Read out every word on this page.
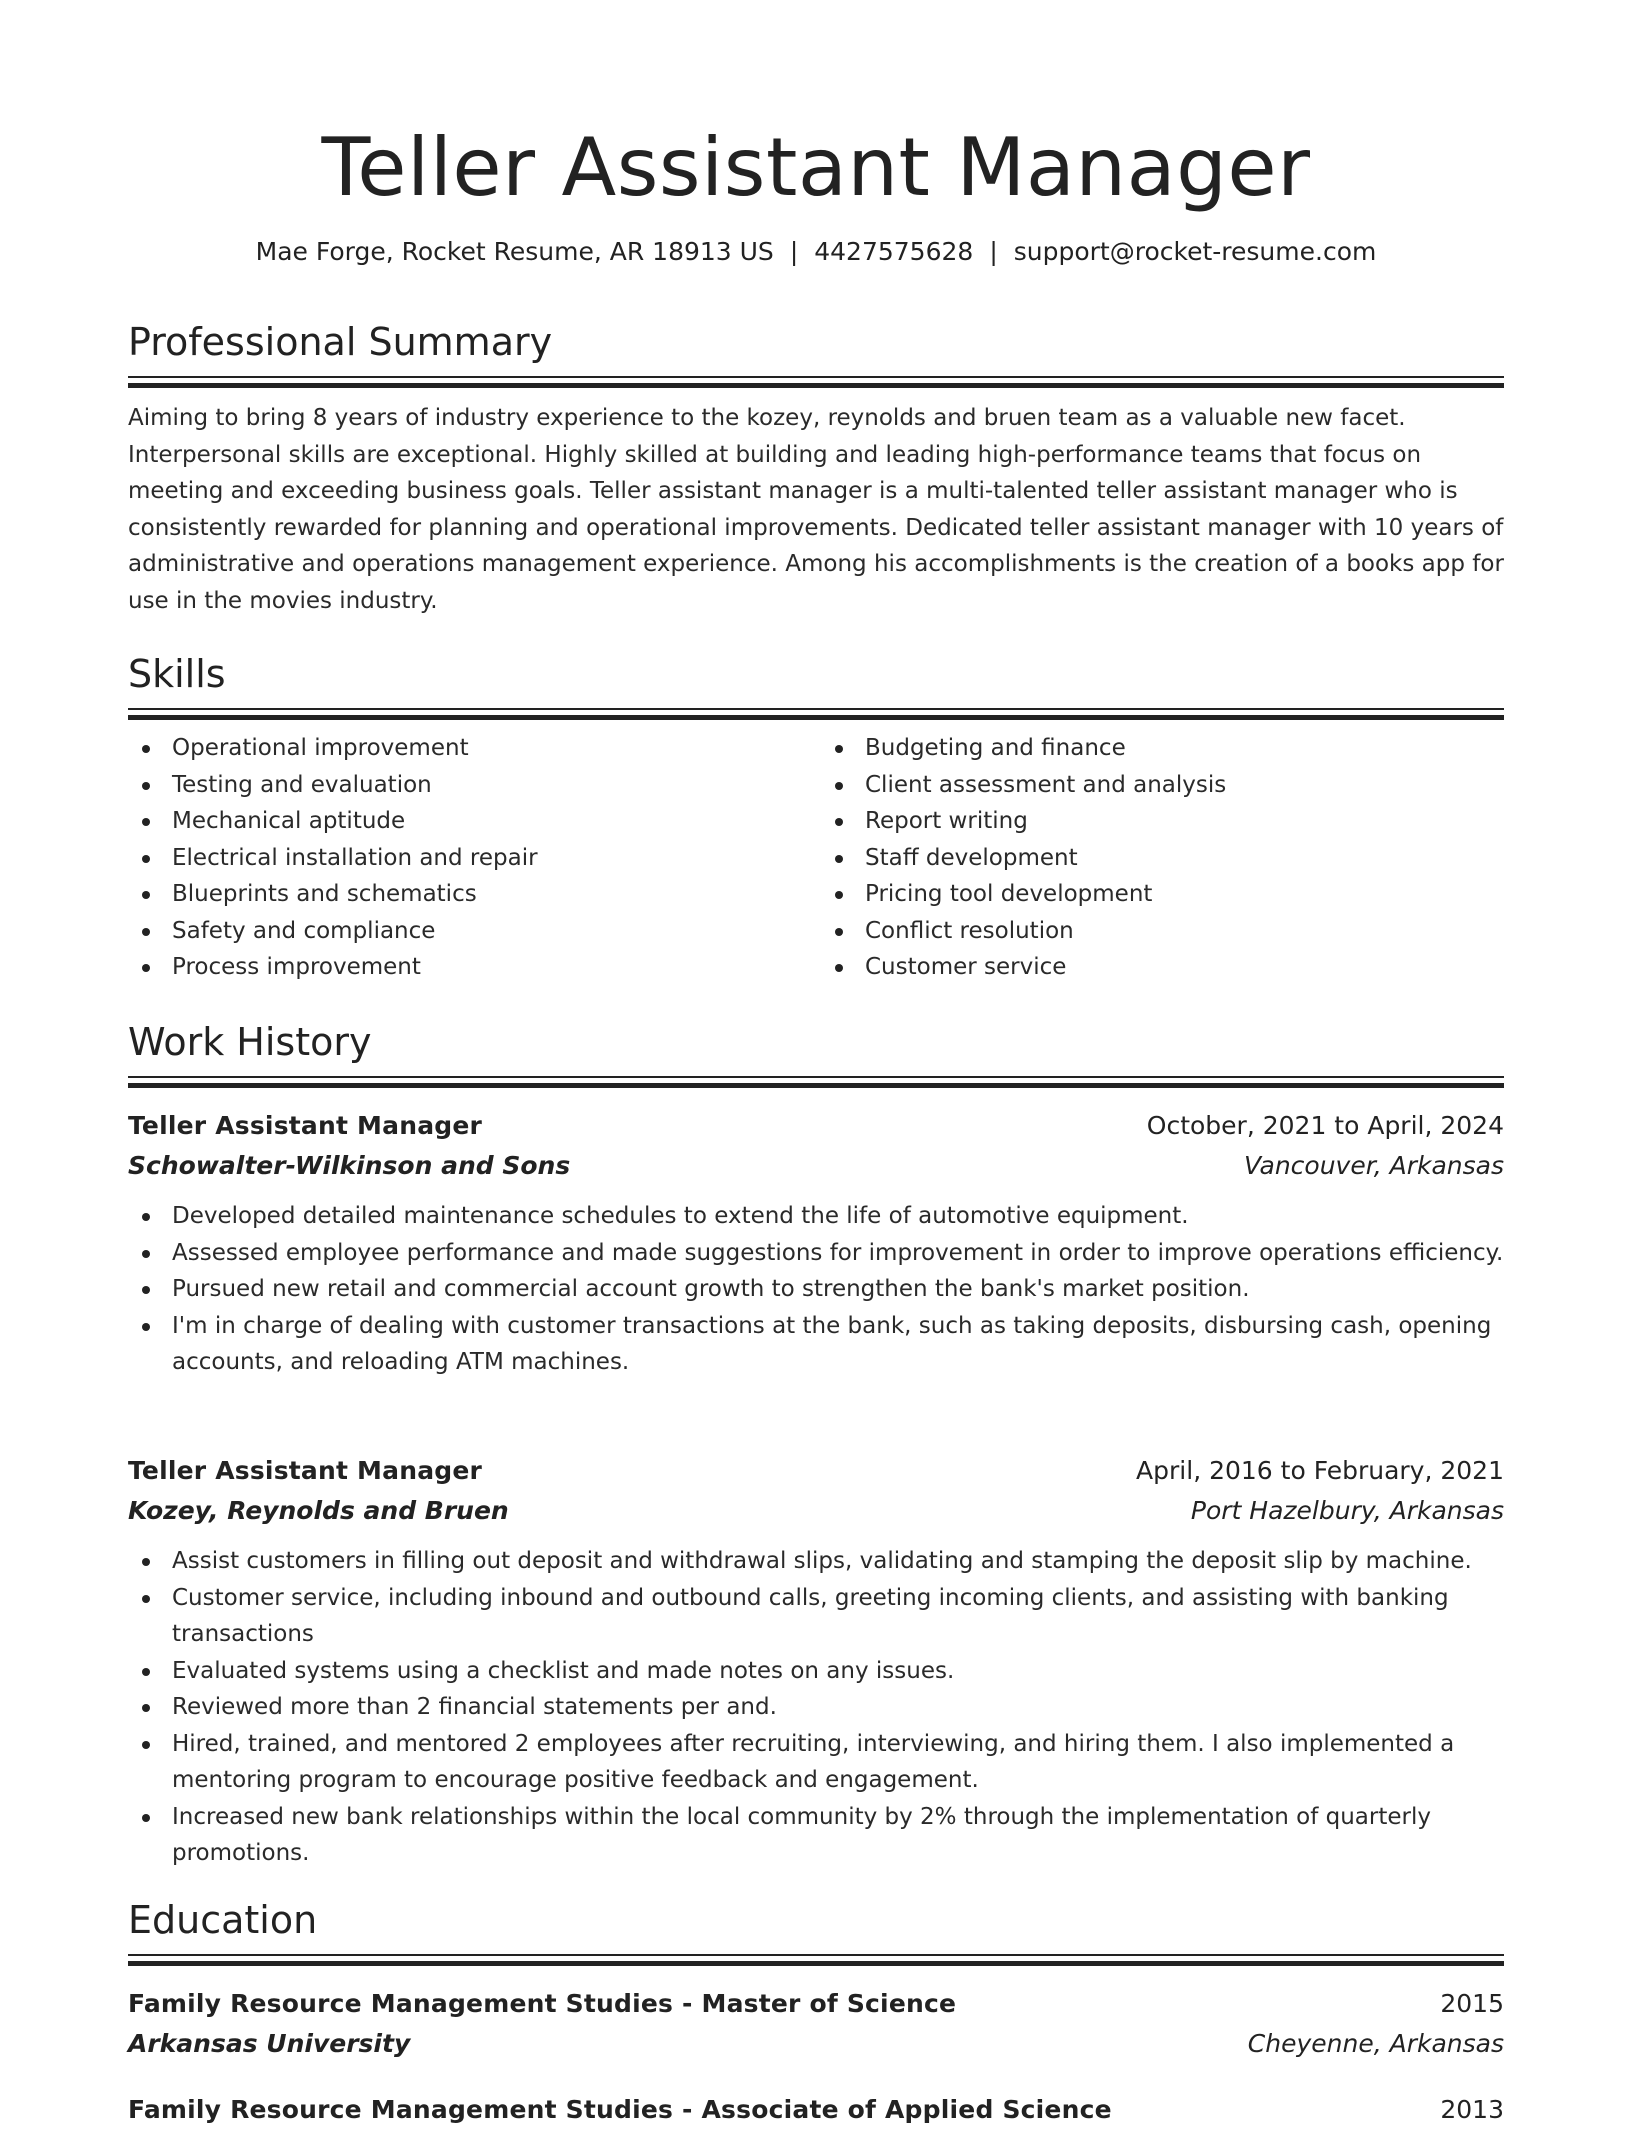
Teller Assistant Manager
Mae Forge, Rocket Resume, AR 18913 US | 4427575628 | support@rocket-resume.com
Professional Summary
Aiming to bring 8 years of industry experience to the kozey, reynolds and bruen team as a valuable new facet. Interpersonal skills are exceptional. Highly skilled at building and leading high-performance teams that focus on meeting and exceeding business goals. Teller assistant manager is a multi-talented teller assistant manager who is consistently rewarded for planning and operational improvements. Dedicated teller assistant manager with 10 years of administrative and operations management experience. Among his accomplishments is the creation of a books app for use in the movies industry.
Skills
Operational improvement
Testing and evaluation
Mechanical aptitude
Electrical installation and repair
Blueprints and schematics
Safety and compliance
Process improvement
Budgeting and finance
Client assessment and analysis
Report writing
Staff development
Pricing tool development
Conflict resolution
Customer service
Work History
Teller Assistant Manager	October, 2021 to April, 2024
Schowalter-Wilkinson and Sons	Vancouver, Arkansas
Developed detailed maintenance schedules to extend the life of automotive equipment.
Assessed employee performance and made suggestions for improvement in order to improve operations efficiency.
Pursued new retail and commercial account growth to strengthen the bank's market position.
I'm in charge of dealing with customer transactions at the bank, such as taking deposits, disbursing cash, opening accounts, and reloading ATM machines.
Teller Assistant Manager	April, 2016 to February, 2021
Kozey, Reynolds and Bruen	Port Hazelbury, Arkansas
Assist customers in filling out deposit and withdrawal slips, validating and stamping the deposit slip by machine.
Customer service, including inbound and outbound calls, greeting incoming clients, and assisting with banking transactions
Evaluated systems using a checklist and made notes on any issues.
Reviewed more than 2 financial statements per and.
Hired, trained, and mentored 2 employees after recruiting, interviewing, and hiring them. I also implemented a mentoring program to encourage positive feedback and engagement.
Increased new bank relationships within the local community by 2% through the implementation of quarterly promotions.
Education
Family Resource Management Studies - Master of Science	2015
Arkansas University	Cheyenne, Arkansas
Family Resource Management Studies - Associate of Applied Science	2013
